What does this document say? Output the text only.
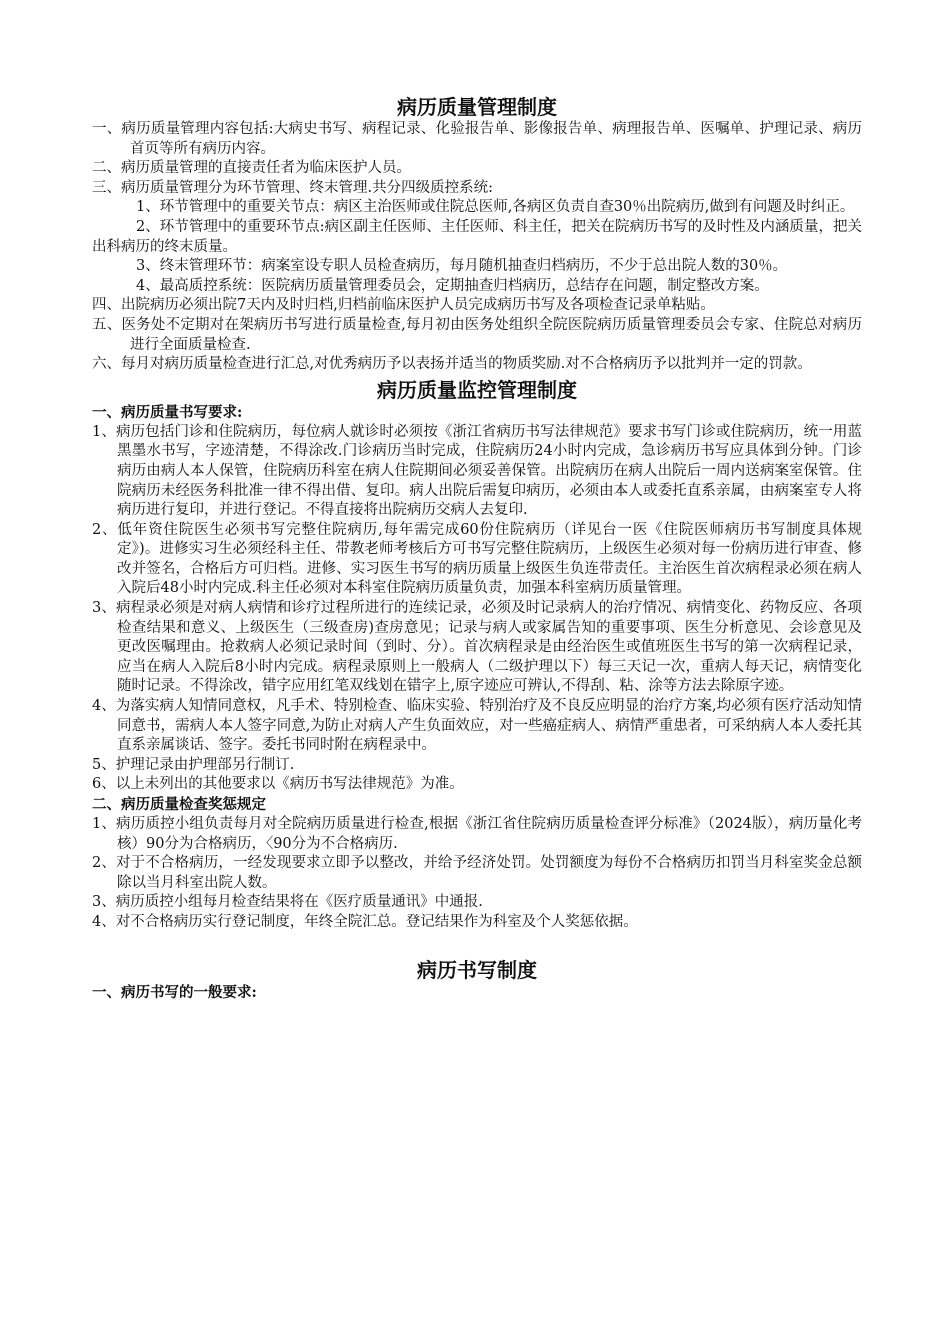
病历质量管理制度

一、病历质量管理内容包括:大病史书写、病程记录、化验报告单、影像报告单、病理报告单、医嘱单、护理记录、病历首页等所有病历内容。

二、病历质量管理的直接责任者为临床医护人员。

三、病历质量管理分为环节管理、终末管理.共分四级质控系统:

1、环节管理中的重要关节点：病区主治医师或住院总医师,各病区负责自查30％出院病历,做到有问题及时纠正。

2、环节管理中的重要环节点:病区副主任医师、主任医师、科主任，把关在院病历书写的及时性及内涵质量，把关出科病历的终末质量。

3、终末管理环节：病案室设专职人员检查病历，每月随机抽查归档病历，不少于总出院人数的30％。

4、最高质控系统：医院病历质量管理委员会，定期抽查归档病历，总结存在问题，制定整改方案。

四、出院病历必须出院7天内及时归档,归档前临床医护人员完成病历书写及各项检查记录单粘贴。

五、医务处不定期对在架病历书写进行质量检查,每月初由医务处组织全院医院病历质量管理委员会专家、住院总对病历进行全面质量检查.

六、每月对病历质量检查进行汇总,对优秀病历予以表扬并适当的物质奖励.对不合格病历予以批判并一定的罚款。

病历质量监控管理制度

一、病历质量书写要求:

1、病历包括门诊和住院病历，每位病人就诊时必须按《浙江省病历书写法律规范》要求书写门诊或住院病历，统一用蓝黑墨水书写，字迹清楚，不得涂改.门诊病历当时完成，住院病历24小时内完成，急诊病历书写应具体到分钟。门诊病历由病人本人保管，住院病历科室在病人住院期间必须妥善保管。出院病历在病人出院后一周内送病案室保管。住院病历未经医务科批准一律不得出借、复印。病人出院后需复印病历，必须由本人或委托直系亲属，由病案室专人将病历进行复印，并进行登记。不得直接将出院病历交病人去复印.

2、低年资住院医生必须书写完整住院病历,每年需完成60份住院病历（详见台一医《住院医师病历书写制度具体规定》)。进修实习生必须经科主任、带教老师考核后方可书写完整住院病历，上级医生必须对每一份病历进行审查、修改并签名，合格后方可归档。进修、实习医生书写的病历质量上级医生负连带责任。主治医生首次病程录必须在病人入院后48小时内完成.科主任必须对本科室住院病历质量负责，加强本科室病历质量管理。

3、病程录必须是对病人病情和诊疗过程所进行的连续记录，必须及时记录病人的治疗情况、病情变化、药物反应、各项检查结果和意义、上级医生（三级查房)查房意见；记录与病人或家属告知的重要事项、医生分析意见、会诊意见及更改医嘱理由。抢救病人必须记录时间（到时、分）。首次病程录是由经治医生或值班医生书写的第一次病程记录，应当在病人入院后8小时内完成。病程录原则上一般病人（二级护理以下）每三天记一次，重病人每天记，病情变化随时记录。不得涂改，错字应用红笔双线划在错字上,原字迹应可辨认,不得刮、粘、涂等方法去除原字迹。

4、为落实病人知情同意权，凡手术、特别检查、临床实验、特别治疗及不良反应明显的治疗方案,均必须有医疗活动知情同意书，需病人本人签字同意,为防止对病人产生负面效应，对一些癌症病人、病情严重患者，可采纳病人本人委托其直系亲属谈话、签字。委托书同时附在病程录中。

5、护理记录由护理部另行制订.

6、以上未列出的其他要求以《病历书写法律规范》为准。

二、病历质量检查奖惩规定

1、病历质控小组负责每月对全院病历质量进行检查,根据《浙江省住院病历质量检查评分标准》（2024版），病历量化考核）90分为合格病历，〈90分为不合格病历.

2、对于不合格病历，一经发现要求立即予以整改，并给予经济处罚。处罚额度为每份不合格病历扣罚当月科室奖金总额除以当月科室出院人数。

3、病历质控小组每月检查结果将在《医疗质量通讯》中通报.

4、对不合格病历实行登记制度，年终全院汇总。登记结果作为科室及个人奖惩依据。

病历书写制度

一、病历书写的一般要求:
